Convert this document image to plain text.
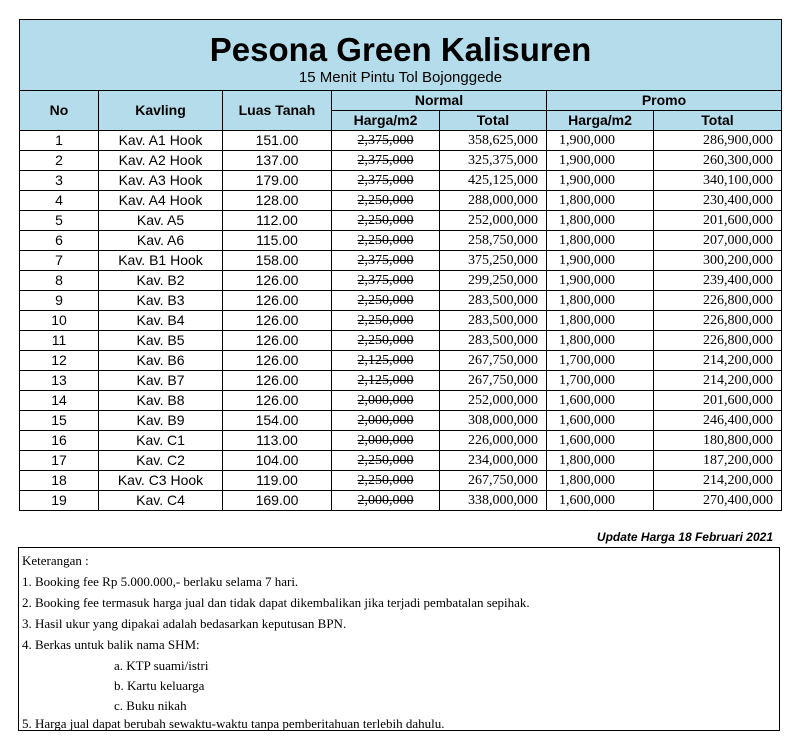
Pesona Green Kalisuren
15 Menit Pintu Tol Bojonggede						

No	Kavling	Luas Tanah	Normal		Promo	
			Harga/m2	Total	Harga/m2	Total
1	Kav. A1 Hook	151.00	2,375,000	358,625,000	1,900,000	286,900,000
2	Kav. A2 Hook	137.00	2,375,000	325,375,000	1,900,000	260,300,000
3	Kav. A3 Hook	179.00	2,375,000	425,125,000	1,900,000	340,100,000
4	Kav. A4 Hook	128.00	2,250,000	288,000,000	1,800,000	230,400,000
5	Kav. A5	112.00	2,250,000	252,000,000	1,800,000	201,600,000
6	Kav. A6	115.00	2,250,000	258,750,000	1,800,000	207,000,000
7	Kav. B1 Hook	158.00	2,375,000	375,250,000	1,900,000	300,200,000
8	Kav. B2	126.00	2,375,000	299,250,000	1,900,000	239,400,000
9	Kav. B3	126.00	2,250,000	283,500,000	1,800,000	226,800,000
10	Kav. B4	126.00	2,250,000	283,500,000	1,800,000	226,800,000
11	Kav. B5	126.00	2,250,000	283,500,000	1,800,000	226,800,000
12	Kav. B6	126.00	2,125,000	267,750,000	1,700,000	214,200,000
13	Kav. B7	126.00	2,125,000	267,750,000	1,700,000	214,200,000
14	Kav. B8	126.00	2,000,000	252,000,000	1,600,000	201,600,000
15	Kav. B9	154.00	2,000,000	308,000,000	1,600,000	246,400,000
16	Kav. C1	113.00	2,000,000	226,000,000	1,600,000	180,800,000
17	Kav. C2	104.00	2,250,000	234,000,000	1,800,000	187,200,000
18	Kav. C3 Hook	119.00	2,250,000	267,750,000	1,800,000	214,200,000
19	Kav. C4	169.00	2,000,000	338,000,000	1,600,000	270,400,000
Update Harga 18 Februari 2021
Keterangan :
1. Booking fee Rp 5.000.000,- berlaku selama 7 hari.
2. Booking fee termasuk harga jual dan tidak dapat dikembalikan jika terjadi pembatalan sepihak.
3. Hasil ukur yang dipakai adalah bedasarkan keputusan BPN.
4. Berkas untuk balik nama SHM:
a. KTP suami/istri
b. Kartu keluarga
c. Buku nikah
5. Harga jual dapat berubah sewaktu-waktu tanpa pemberitahuan terlebih dahulu.
